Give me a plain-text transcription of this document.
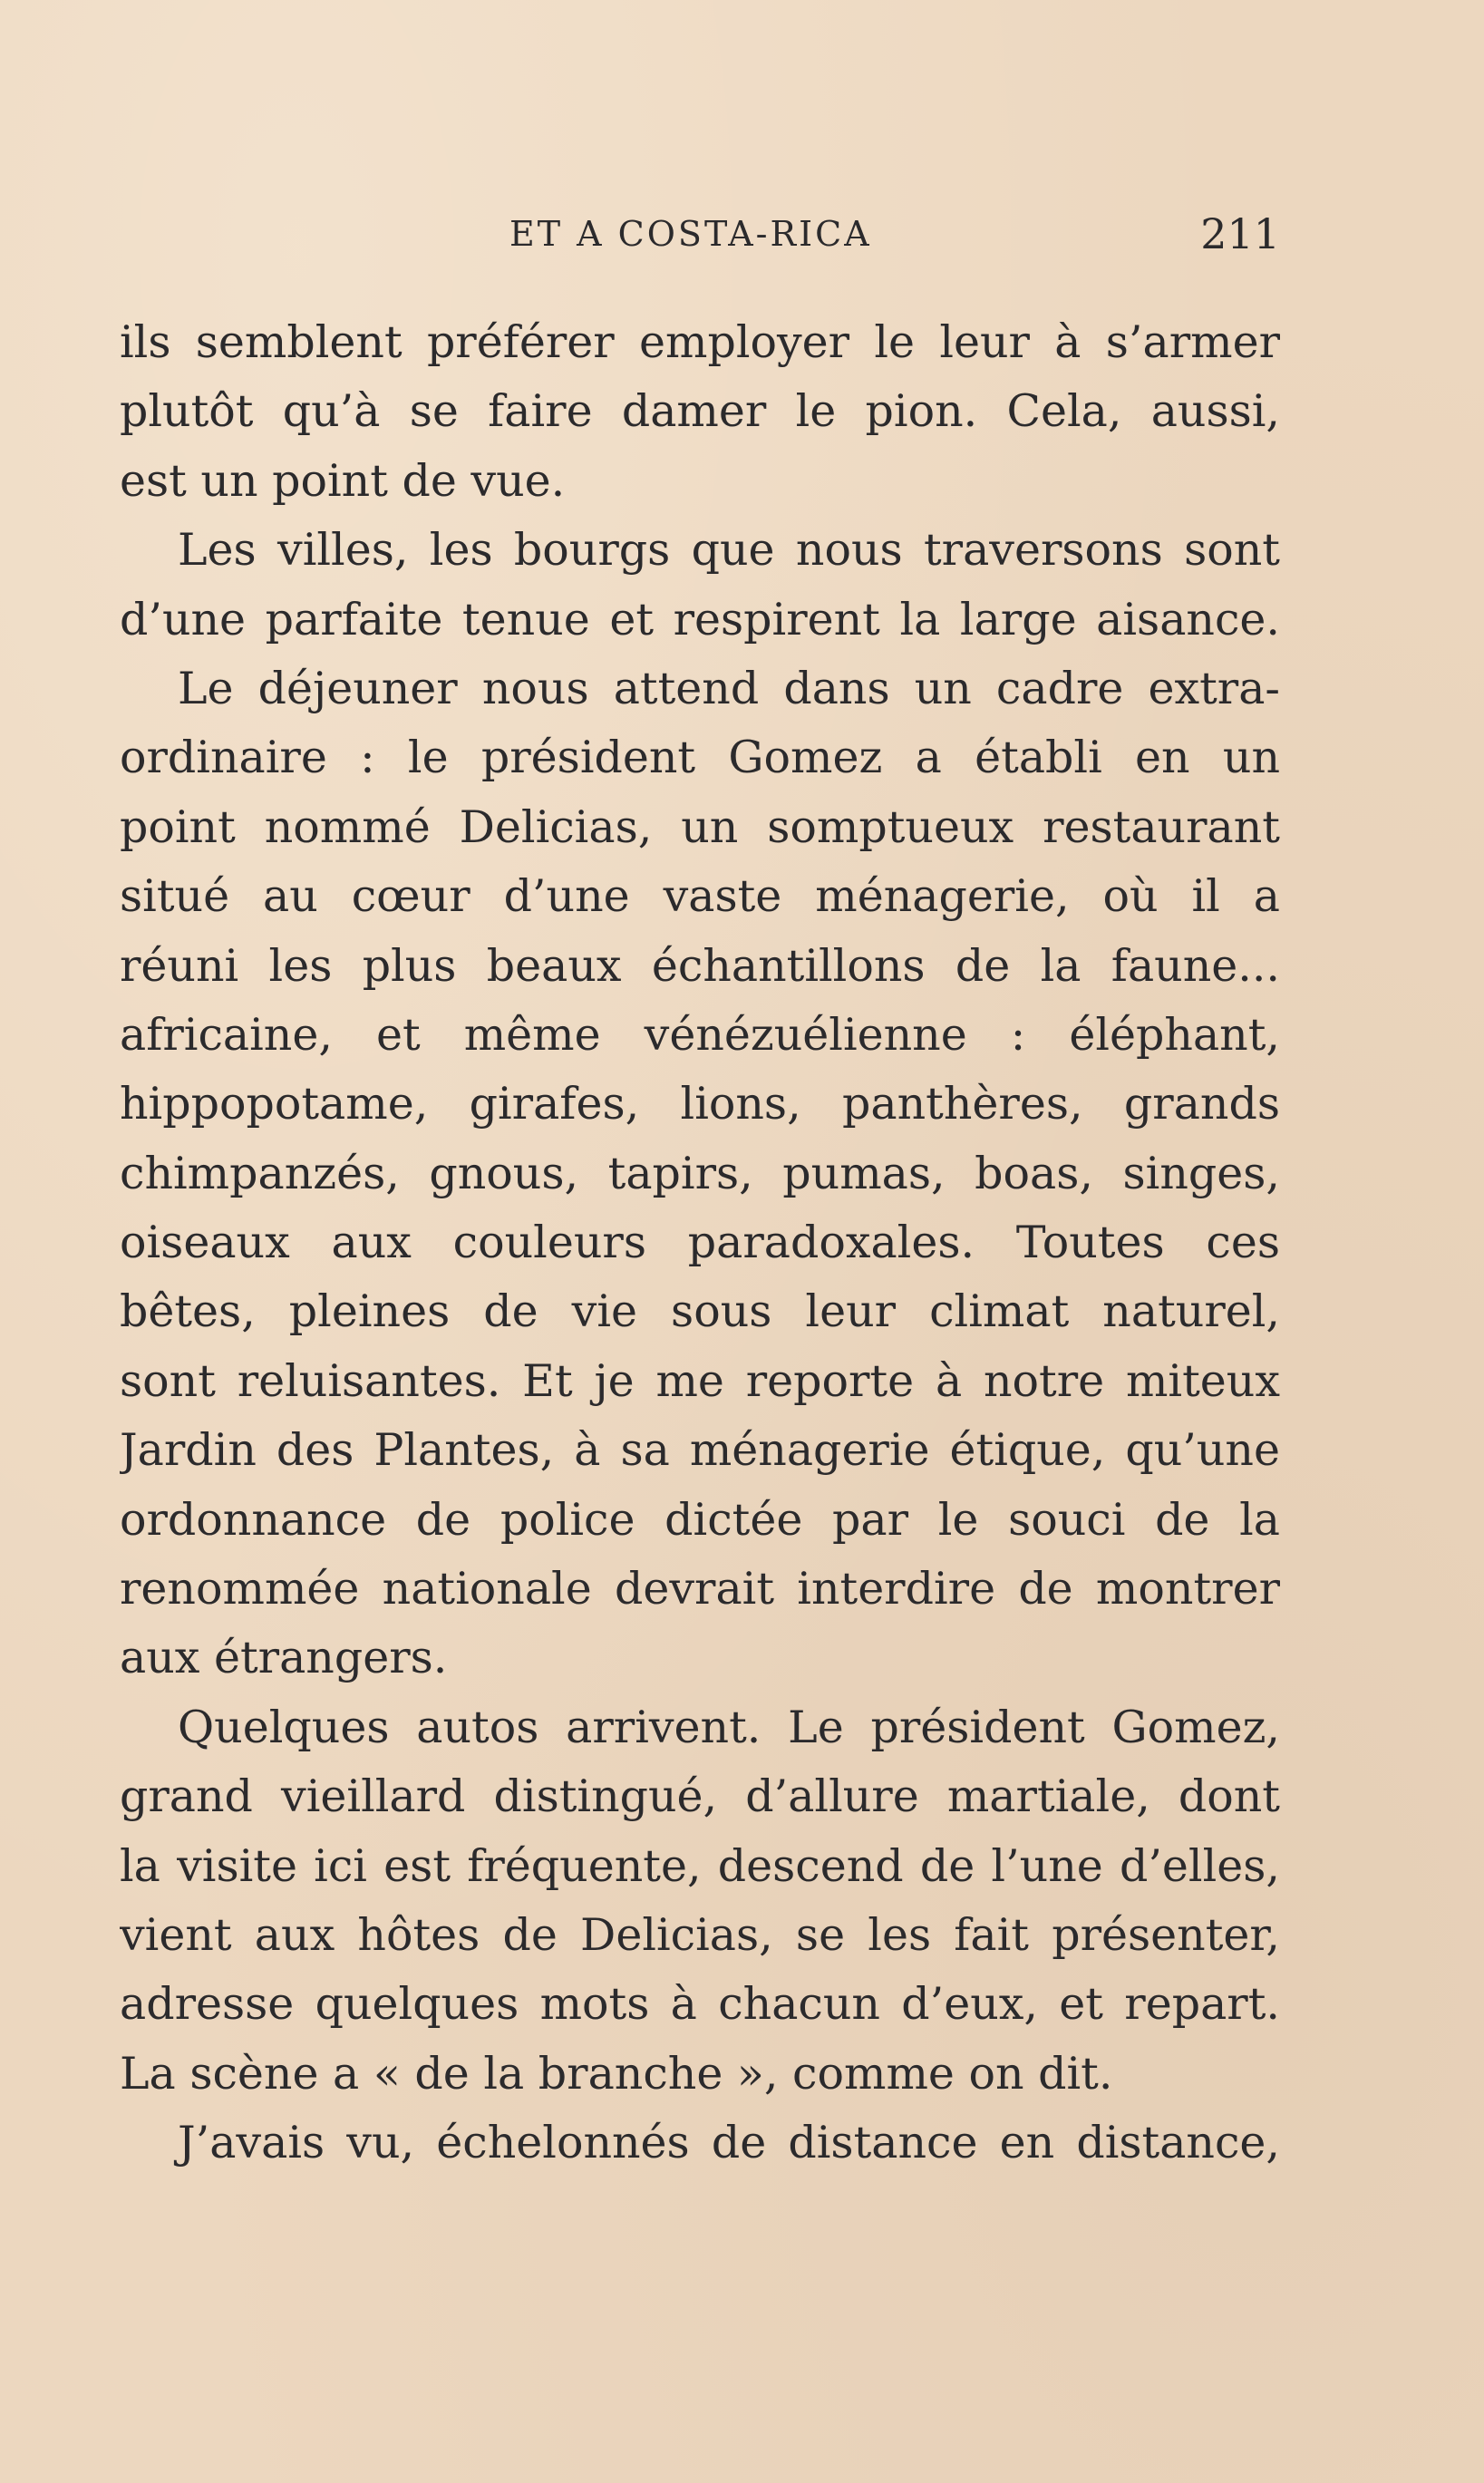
ET A COSTA-RICA	211
ils semblent préférer employer le leur à s’armer
plutôt qu’à se faire damer le pion. Cela, aussi,
est un point de vue.
Les villes, les bourgs que nous traversons sont
d’une parfaite tenue et respirent la large aisance.
Le déjeuner nous attend dans un cadre extra-
ordinaire : le président Gomez a établi en un
point nommé Delicias, un somptueux restaurant
situé au cœur d’une vaste ménagerie, où il a
réuni les plus beaux échantillons de la faune...
africaine, et même vénézuélienne : éléphant,
hippopotame, girafes, lions, panthères, grands
chimpanzés, gnous, tapirs, pumas, boas, singes,
oiseaux aux couleurs paradoxales. Toutes ces
bêtes, pleines de vie sous leur climat naturel,
sont reluisantes. Et je me reporte à notre miteux
Jardin des Plantes, à sa ménagerie étique, qu’une
ordonnance de police dictée par le souci de la
renommée nationale devrait interdire de montrer
aux étrangers.
Quelques autos arrivent. Le président Gomez,
grand vieillard distingué, d’allure martiale, dont
la visite ici est fréquente, descend de l’une d’elles,
vient aux hôtes de Delicias, se les fait présenter,
adresse quelques mots à chacun d’eux, et repart.
La scène a « de la branche », comme on dit.
J’avais vu, échelonnés de distance en distance,
